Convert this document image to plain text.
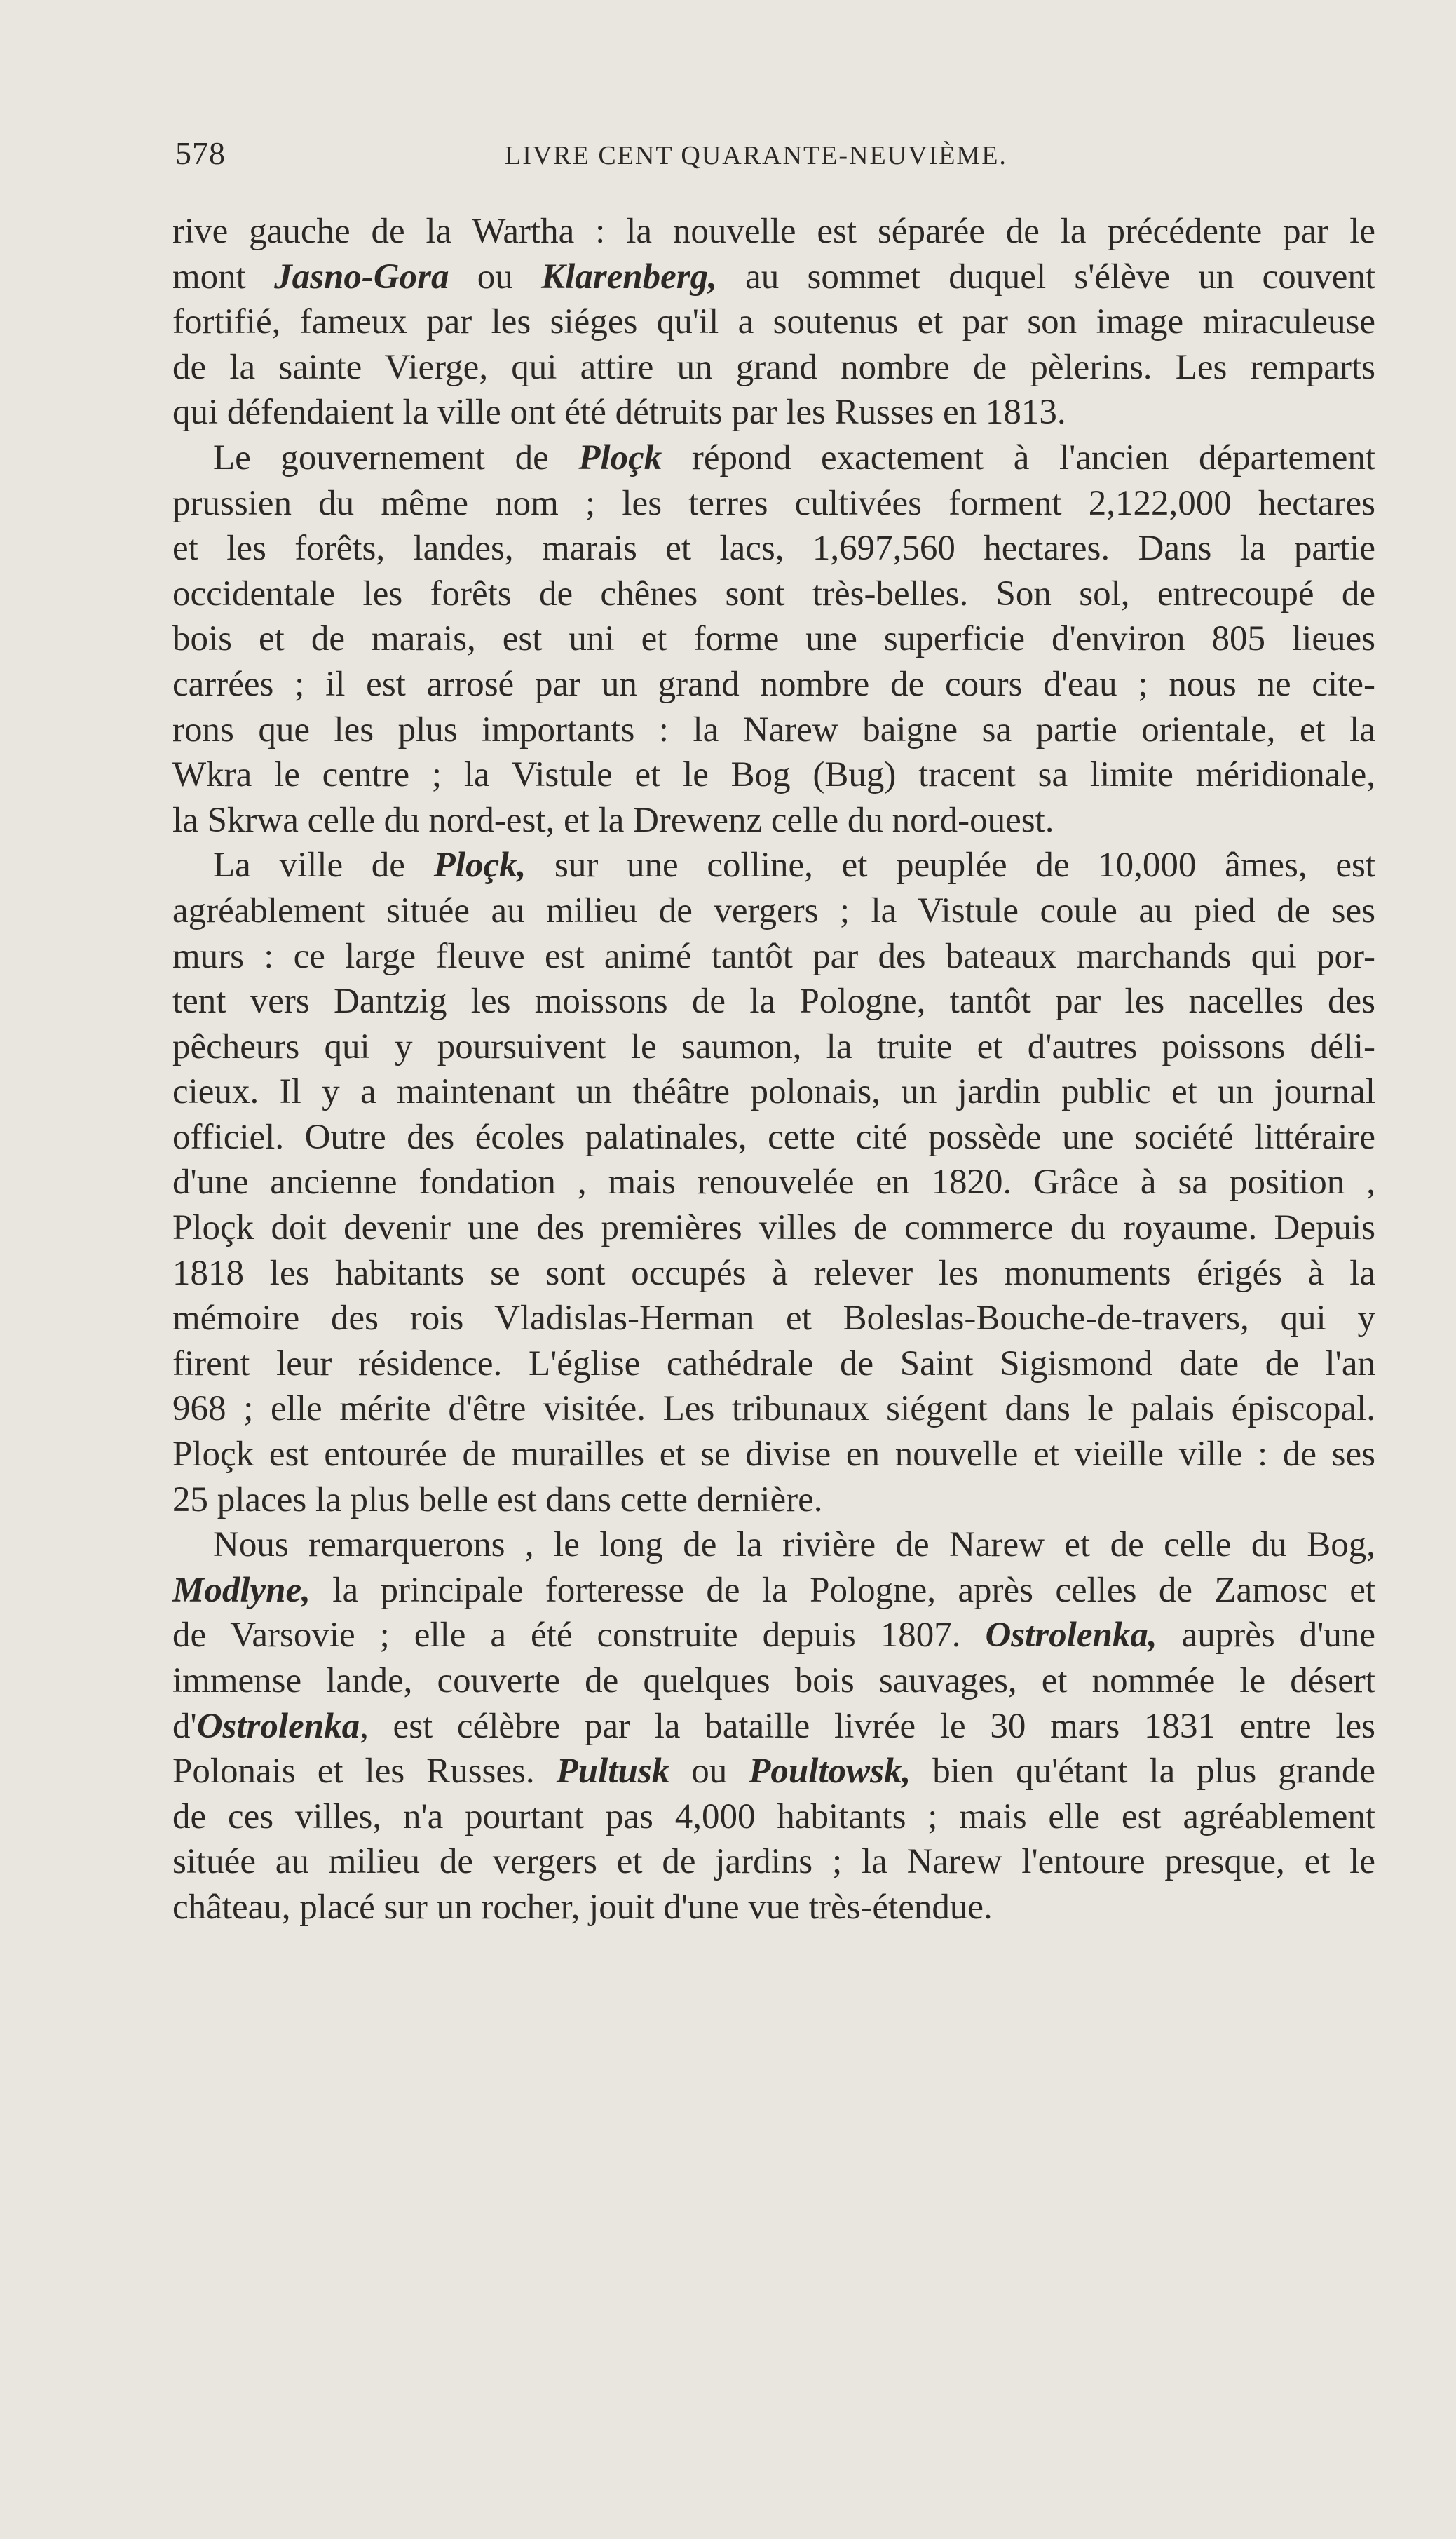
578	LIVRE CENT QUARANTE-NEUVIÈME.
rive gauche de la Wartha : la nouvelle est séparée de la précédente par le
mont Jasno-Gora ou Klarenberg, au sommet duquel s'élève un couvent
fortifié, fameux par les siéges qu'il a soutenus et par son image miraculeuse
de la sainte Vierge, qui attire un grand nombre de pèlerins. Les remparts
qui défendaient la ville ont été détruits par les Russes en 1813.
Le gouvernement de Ploçk répond exactement à l'ancien département
prussien du même nom ; les terres cultivées forment 2,122,000 hectares
et les forêts, landes, marais et lacs, 1,697,560 hectares. Dans la partie
occidentale les forêts de chênes sont très-belles. Son sol, entrecoupé de
bois et de marais, est uni et forme une superficie d'environ 805 lieues
carrées ; il est arrosé par un grand nombre de cours d'eau ; nous ne cite-
rons que les plus importants : la Narew baigne sa partie orientale, et la
Wkra le centre ; la Vistule et le Bog (Bug) tracent sa limite méridionale,
la Skrwa celle du nord-est, et la Drewenz celle du nord-ouest.
La ville de Ploçk, sur une colline, et peuplée de 10,000 âmes, est
agréablement située au milieu de vergers ; la Vistule coule au pied de ses
murs : ce large fleuve est animé tantôt par des bateaux marchands qui por-
tent vers Dantzig les moissons de la Pologne, tantôt par les nacelles des
pêcheurs qui y poursuivent le saumon, la truite et d'autres poissons déli-
cieux. Il y a maintenant un théâtre polonais, un jardin public et un journal
officiel. Outre des écoles palatinales, cette cité possède une société littéraire
d'une ancienne fondation , mais renouvelée en 1820. Grâce à sa position ,
Ploçk doit devenir une des premières villes de commerce du royaume. Depuis
1818 les habitants se sont occupés à relever les monuments érigés à la
mémoire des rois Vladislas-Herman et Boleslas-Bouche-de-travers, qui y
firent leur résidence. L'église cathédrale de Saint Sigismond date de l'an
968 ; elle mérite d'être visitée. Les tribunaux siégent dans le palais épiscopal.
Ploçk est entourée de murailles et se divise en nouvelle et vieille ville : de ses
25 places la plus belle est dans cette dernière.
Nous remarquerons , le long de la rivière de Narew et de celle du Bog,
Modlyne, la principale forteresse de la Pologne, après celles de Zamosc et
de Varsovie ; elle a été construite depuis 1807. Ostrolenka, auprès d'une
immense lande, couverte de quelques bois sauvages, et nommée le désert
d'Ostrolenka, est célèbre par la bataille livrée le 30 mars 1831 entre les
Polonais et les Russes. Pultusk ou Poultowsk, bien qu'étant la plus grande
de ces villes, n'a pourtant pas 4,000 habitants ; mais elle est agréablement
située au milieu de vergers et de jardins ; la Narew l'entoure presque, et le
château, placé sur un rocher, jouit d'une vue très-étendue.
